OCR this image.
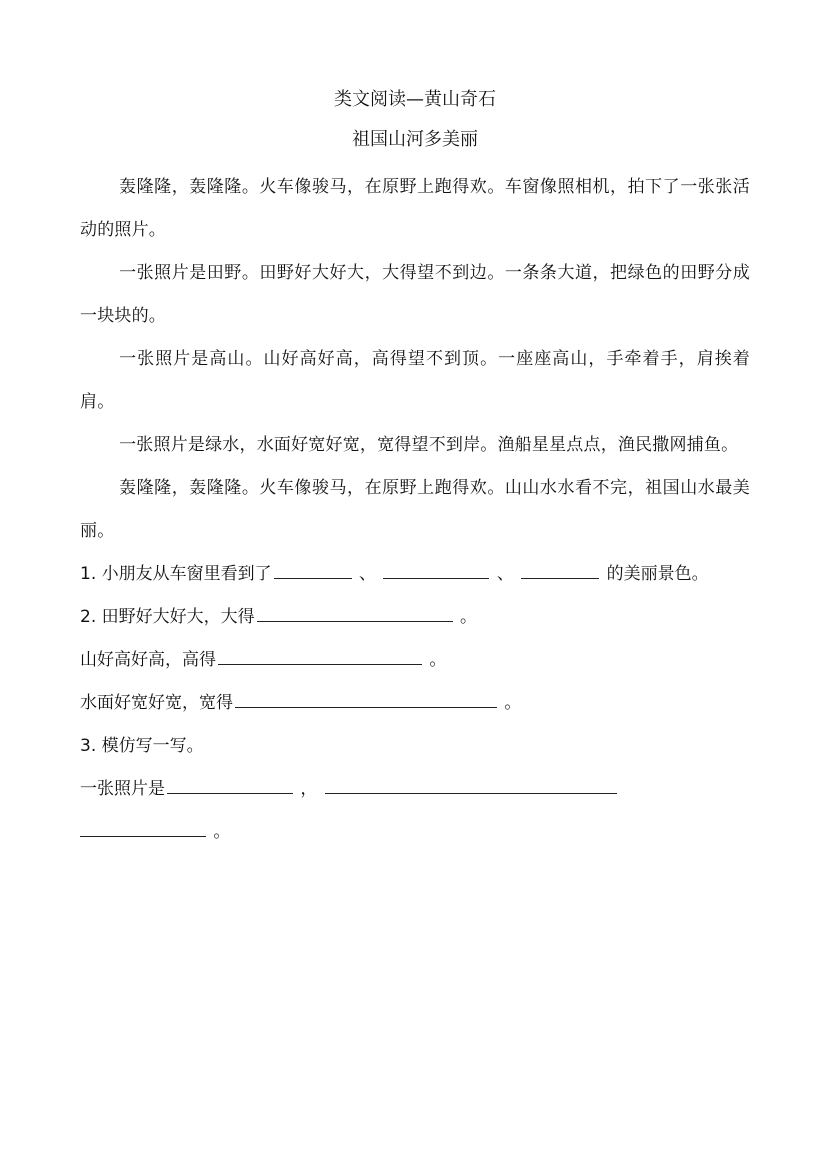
类文阅读—黄山奇石
祖国山河多美丽

轰隆隆，轰隆隆。火车像骏马，在原野上跑得欢。车窗像照相机，拍下了一张张活动的照片。

一张照片是田野。田野好大好大，大得望不到边。一条条大道，把绿色的田野分成一块块的。

一张照片是高山。山好高好高，高得望不到顶。一座座高山，手牵着手，肩挨着肩。

一张照片是绿水，水面好宽好宽，宽得望不到岸。渔船星星点点，渔民撒网捕鱼。

轰隆隆，轰隆隆。火车像骏马，在原野上跑得欢。山山水水看不完，祖国山水最美丽。

1. 小朋友从车窗里看到了	、	、	的美丽景色。

2. 田野好大好大，大得	。

山好高好高，高得	。

水面好宽好宽，宽得	。

3. 模仿写一写。

一张照片是	，

。
